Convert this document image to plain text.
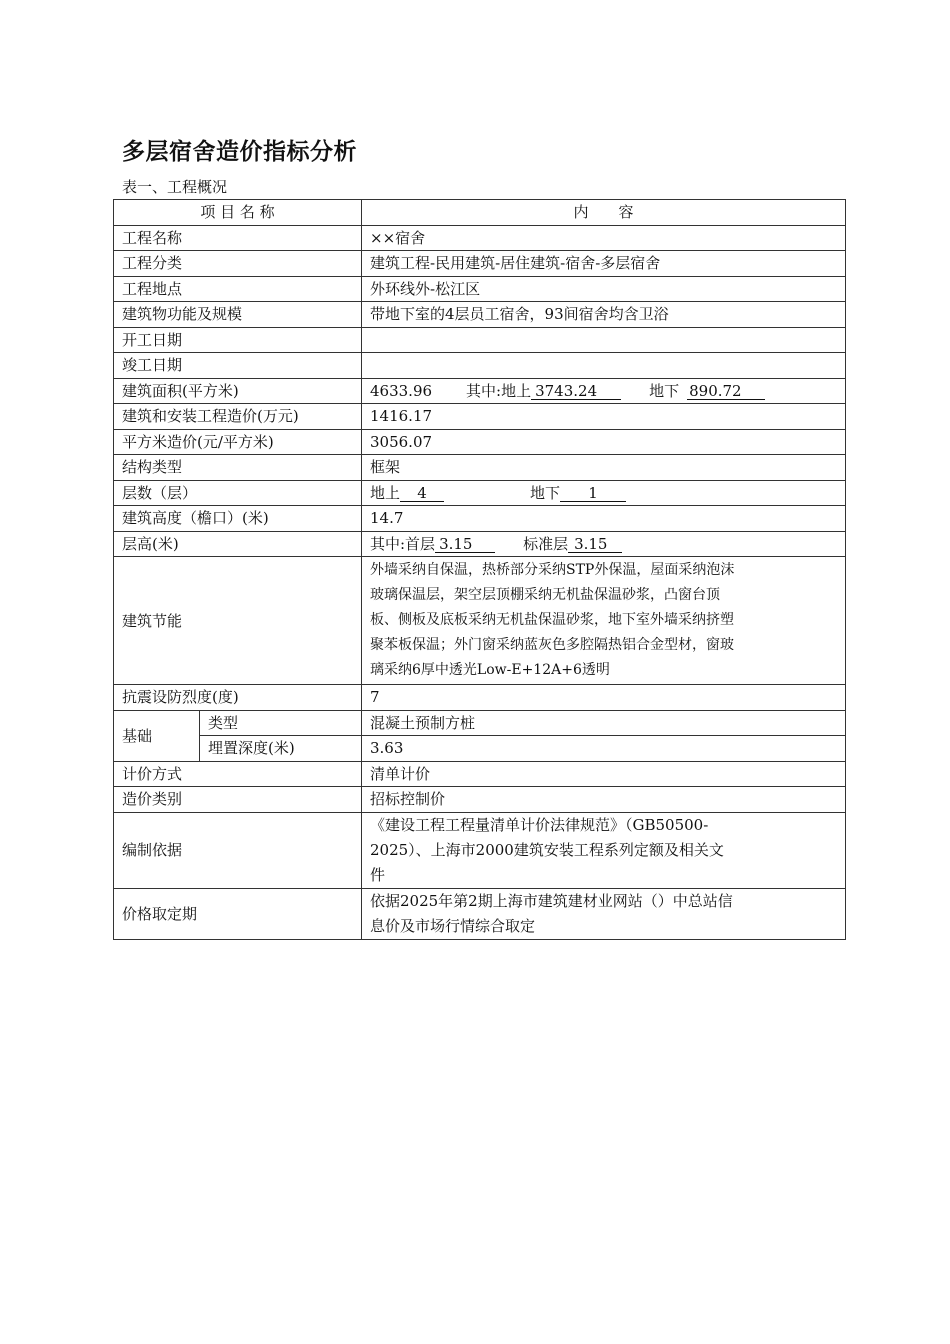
多层宿舍造价指标分析
表一、工程概况
项 目 名 称		内　　容
工程名称		××宿舍
工程分类		建筑工程-民用建筑-居住建筑-宿舍-多层宿舍
工程地点		外环线外-松江区
建筑物功能及规模		带地下室的4层员工宿舍，93间宿舍均含卫浴
开工日期		
竣工日期		
建筑面积(平方米)		4633.96 其中:地上 3743.24 地下 890.72
建筑和安装工程造价(万元)		1416.17
平方米造价(元/平方米)		3056.07
结构类型		框架
层数（层）		地上 4 地下 1
建筑高度（檐口）(米)		14.7
层高(米)		其中:首层 3.15 标准层 3.15
建筑节能		外墙采纳自保温，热桥部分采纳STP外保温，屋面采纳泡沫
玻璃保温层，架空层顶棚采纳无机盐保温砂浆，凸窗台顶
板、侧板及底板采纳无机盐保温砂浆，地下室外墙采纳挤塑
聚苯板保温；外门窗采纳蓝灰色多腔隔热铝合金型材，窗玻
璃采纳6厚中透光Low-E+12A+6透明

抗震设防烈度(度)		7
基础	类型	混凝土预制方桩
	埋置深度(米)	3.63
计价方式		清单计价
造价类别		招标控制价
编制依据		《建设工程工程量清单计价法律规范》（GB50500-
2025）、上海市2000建筑安装工程系列定额及相关文
件

价格取定期		依据2025年第2期上海市建筑建材业网站（）中总站信
息价及市场行情综合取定
